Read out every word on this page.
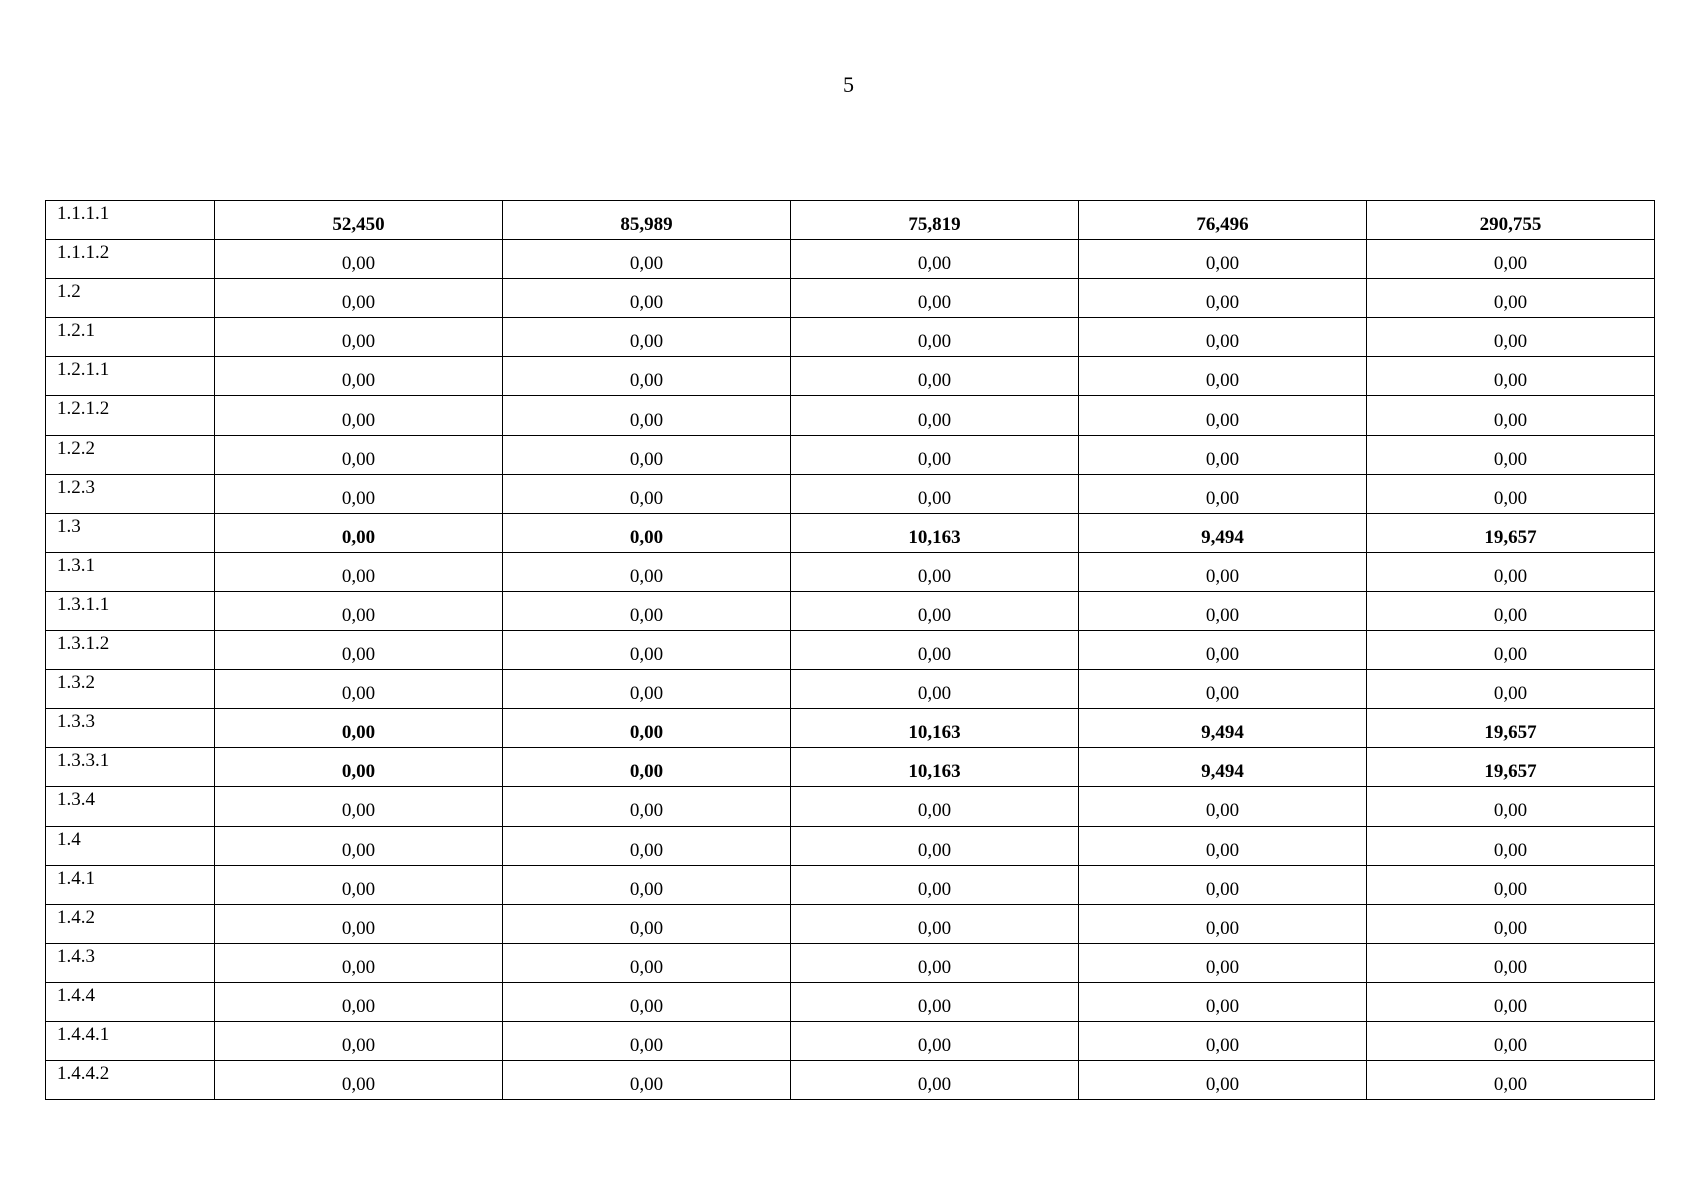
5
1.1.1.1	52,450	85,989	75,819	76,496	290,755
1.1.1.2	0,00	0,00	0,00	0,00	0,00
1.2	0,00	0,00	0,00	0,00	0,00
1.2.1	0,00	0,00	0,00	0,00	0,00
1.2.1.1	0,00	0,00	0,00	0,00	0,00
1.2.1.2	0,00	0,00	0,00	0,00	0,00
1.2.2	0,00	0,00	0,00	0,00	0,00
1.2.3	0,00	0,00	0,00	0,00	0,00
1.3	0,00	0,00	10,163	9,494	19,657
1.3.1	0,00	0,00	0,00	0,00	0,00
1.3.1.1	0,00	0,00	0,00	0,00	0,00
1.3.1.2	0,00	0,00	0,00	0,00	0,00
1.3.2	0,00	0,00	0,00	0,00	0,00
1.3.3	0,00	0,00	10,163	9,494	19,657
1.3.3.1	0,00	0,00	10,163	9,494	19,657
1.3.4	0,00	0,00	0,00	0,00	0,00
1.4	0,00	0,00	0,00	0,00	0,00
1.4.1	0,00	0,00	0,00	0,00	0,00
1.4.2	0,00	0,00	0,00	0,00	0,00
1.4.3	0,00	0,00	0,00	0,00	0,00
1.4.4	0,00	0,00	0,00	0,00	0,00
1.4.4.1	0,00	0,00	0,00	0,00	0,00
1.4.4.2	0,00	0,00	0,00	0,00	0,00
